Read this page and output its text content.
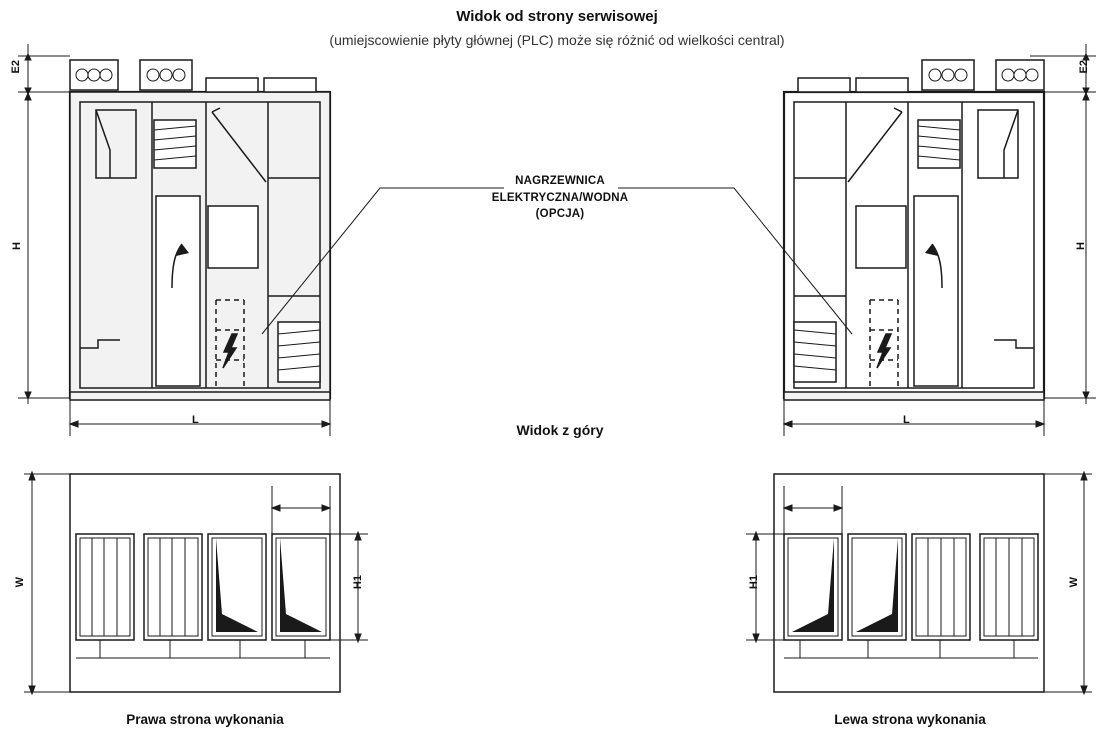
Widok od strony serwisowej
(umiejscowienie płyty głównej (PLC) może się różnić od wielkości central)
Widok z góry
NAGRZEWNICA
ELEKTRYCZNA/WODNA
(OPCJA)
E2
H
L
E2
H
L
W	H1	W
H1
Prawa strona wykonania	Lewa strona wykonania
